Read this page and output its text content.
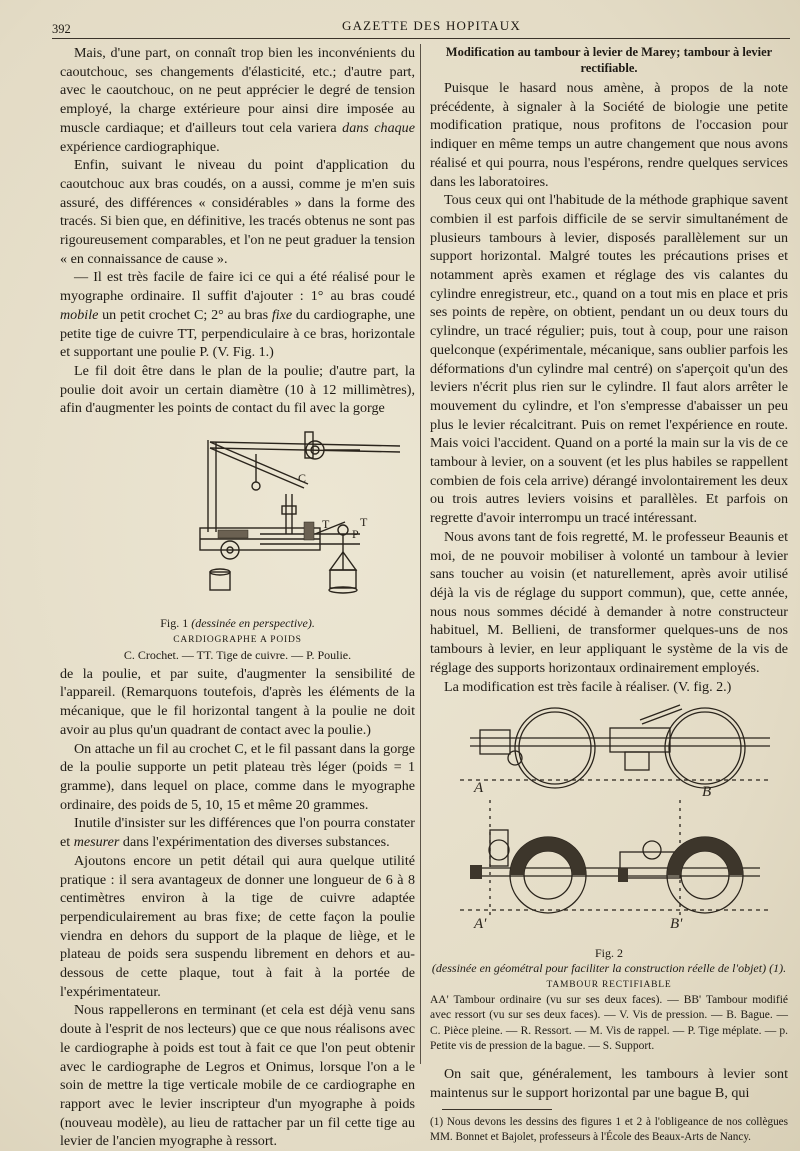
392	GAZETTE DES HOPITAUX

Mais, d'une part, on connaît trop bien les inconvénients du caoutchouc, ses changements d'élasticité, etc.; d'autre part, avec le caoutchouc, on ne peut apprécier le degré de tension employé, la charge extérieure pour ainsi dire imposée au muscle cardiaque; et d'ailleurs tout cela variera dans chaque expérience cardiographique.

Enfin, suivant le niveau du point d'application du caoutchouc aux bras coudés, on a aussi, comme je m'en suis assuré, des différences « considérables » dans la forme des tracés. Si bien que, en définitive, les tracés obtenus ne sont pas rigoureusement comparables, et l'on ne peut graduer la tension « en connaissance de cause ».

— Il est très facile de faire ici ce qui a été réalisé pour le myographe ordinaire. Il suffit d'ajouter : 1° au bras coudé mobile un petit crochet C; 2° au bras fixe du cardiographe, une petite tige de cuivre TT, perpendiculaire à ce bras, horizontale et supportant une poulie P. (V. Fig. 1.)

Le fil doit être dans le plan de la poulie; d'autre part, la poulie doit avoir un certain diamètre (10 à 12 millimètres), afin d'augmenter les points de contact du fil avec la gorge

C
T	T
P
Fig. 1 (dessinée en perspective).
CARDIOGRAPHE A POIDS
C. Crochet. — TT. Tige de cuivre. — P. Poulie.

de la poulie, et par suite, d'augmenter la sensibilité de l'appareil. (Remarquons toutefois, d'après les éléments de la mécanique, que le fil horizontal tangent à la poulie ne doit avoir au plus qu'un quadrant de contact avec la poulie.)

On attache un fil au crochet C, et le fil passant dans la gorge de la poulie supporte un petit plateau très léger (poids = 1 gramme), dans lequel on place, comme dans le myographe ordinaire, des poids de 5, 10, 15 et même 20 grammes.

Inutile d'insister sur les différences que l'on pourra constater et mesurer dans l'expérimentation des diverses substances.

Ajoutons encore un petit détail qui aura quelque utilité pratique : il sera avantageux de donner une longueur de 6 à 8 centimètres environ à la tige de cuivre adaptée perpendiculairement au bras fixe; de cette façon la poulie viendra en dehors du support de la plaque de liège, et le plateau de poids sera suspendu librement en dehors et au-dessous de cette plaque, tout à fait à la portée de l'expérimentateur.

Nous rappellerons en terminant (et cela est déjà venu sans doute à l'esprit de nos lecteurs) que ce que nous réalisons avec le cardiographe à poids est tout à fait ce que l'on peut obtenir avec le cardiographe de Legros et Onimus, lorsque l'on a le soin de mettre la tige verticale mobile de ce cardiographe en rapport avec le levier inscripteur d'un myographe à poids (nouveau modèle), au lieu de rattacher par un fil cette tige au levier de l'ancien myographe à ressort.

Modification au tambour à levier de Marey; tambour à levier rectifiable.

Puisque le hasard nous amène, à propos de la note précédente, à signaler à la Société de biologie une petite modification pratique, nous profitons de l'occasion pour indiquer en même temps un autre changement que nous avons réalisé et qui pourra, nous l'espérons, rendre quelques services dans les laboratoires.

Tous ceux qui ont l'habitude de la méthode graphique savent combien il est parfois difficile de se servir simultanément de plusieurs tambours à levier, disposés parallèlement sur un support horizontal. Malgré toutes les précautions prises et notamment après examen et réglage des vis calantes du cylindre enregistreur, etc., quand on a tout mis en place et pris ses points de repère, on obtient, pendant un ou deux tours du cylindre, un tracé régulier; puis, tout à coup, pour une raison quelconque (expérimentale, mécanique, sans oublier parfois les déformations d'un cylindre mal centré) on s'aperçoit qu'un des leviers n'écrit plus rien sur le cylindre. Il faut alors arrêter le mouvement du cylindre, et l'on s'empresse d'abaisser un peu plus le levier récalcitrant. Puis on remet l'expérience en route. Mais voici l'accident. Quand on a porté la main sur la vis de ce tambour à levier, on a souvent (et les plus habiles se rappellent combien de fois cela arrive) dérangé involontairement les deux ou trois autres leviers voisins et parallèles. Et parfois on regrette d'avoir interrompu un tracé intéressant.

Nous avons tant de fois regretté, M. le professeur Beaunis et moi, de ne pouvoir mobiliser à volonté un tambour à levier sans toucher au voisin (et naturellement, après avoir utilisé déjà la vis de réglage du support commun), que, cette année, nous nous sommes décidé à demander à notre constructeur habituel, M. Bellieni, de transformer quelques-uns de nos tambours à levier, en leur appliquant le système de la vis de réglage des supports horizontaux ordinairement employés.

La modification est très facile à réaliser. (V. fig. 2.)

A	B
A'	B'
Fig. 2
(dessinée en géométral pour faciliter la construction réelle de l'objet) (1).
TAMBOUR RECTIFIABLE
AA' Tambour ordinaire (vu sur ses deux faces). — BB' Tambour modifié avec ressort (vu sur ses deux faces). — V. Vis de pression. — B. Bague. — C. Pièce pleine. — R. Ressort. — M. Vis de rappel. — P. Tige méplate. — p. Petite vis de pression de la bague. — S. Support.

On sait que, généralement, les tambours à levier sont maintenus sur le support horizontal par une bague B, qui

(1) Nous devons les dessins des figures 1 et 2 à l'obligeance de nos collègues MM. Bonnet et Bajolet, professeurs à l'École des Beaux-Arts de Nancy.
